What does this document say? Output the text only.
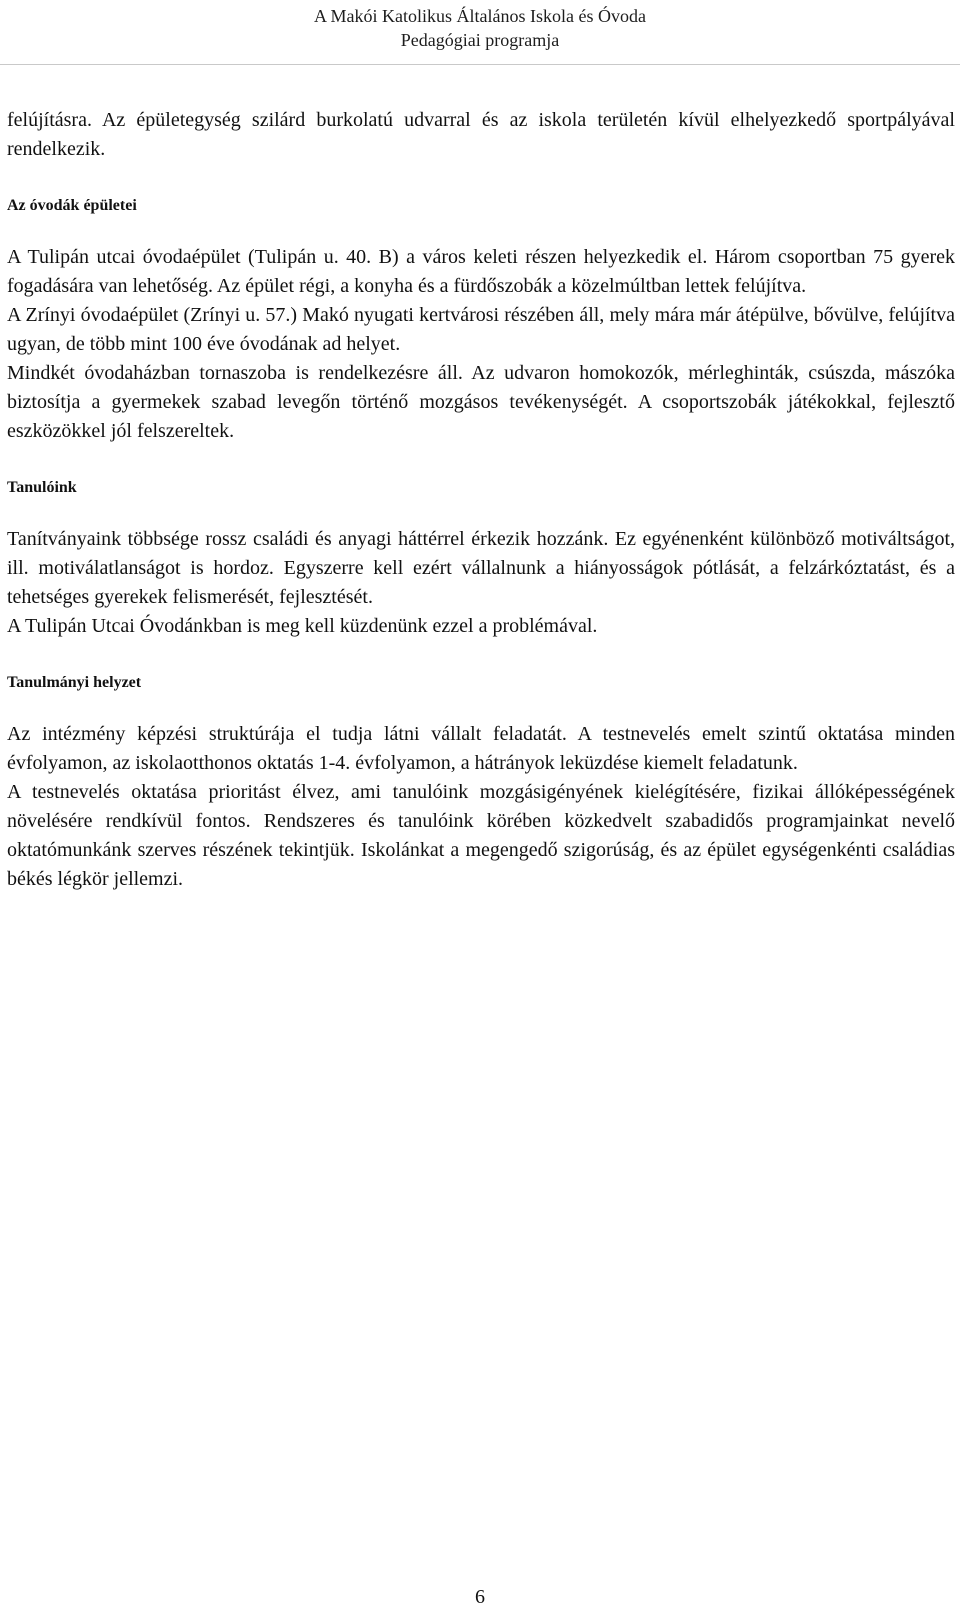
A Makói Katolikus Általános Iskola és Óvoda
Pedagógiai programja

felújításra. Az épületegység szilárd burkolatú udvarral és az iskola területén kívül elhelyezkedő sportpályával rendelkezik.

Az óvodák épületei

A Tulipán utcai óvodaépület (Tulipán u. 40. B) a város keleti részen helyezkedik el. Három csoportban 75 gyerek fogadására van lehetőség. Az épület régi, a konyha és a fürdőszobák a közelmúltban lettek felújítva.

A Zrínyi óvodaépület (Zrínyi u. 57.) Makó nyugati kertvárosi részében áll, mely mára már átépülve, bővülve, felújítva ugyan, de több mint 100 éve óvodának ad helyet.

Mindkét óvodaházban tornaszoba is rendelkezésre áll. Az udvaron homokozók, mérleghinták, csúszda, mászóka biztosítja a gyermekek szabad levegőn történő mozgásos tevékenységét. A csoportszobák játékokkal, fejlesztő eszközökkel jól felszereltek.

Tanulóink

Tanítványaink többsége rossz családi és anyagi háttérrel érkezik hozzánk. Ez egyénenként különböző motiváltságot, ill. motiválatlanságot is hordoz. Egyszerre kell ezért vállalnunk a hiányosságok pótlását, a felzárkóztatást, és a tehetséges gyerekek felismerését, fejlesztését.

A Tulipán Utcai Óvodánkban is meg kell küzdenünk ezzel a problémával.

Tanulmányi helyzet

Az intézmény képzési struktúrája el tudja látni vállalt feladatát. A testnevelés emelt szintű oktatása minden évfolyamon, az iskolaotthonos oktatás 1-4. évfolyamon, a hátrányok leküzdése kiemelt feladatunk.

A testnevelés oktatása prioritást élvez, ami tanulóink mozgásigényének kielégítésére, fizikai állóképességének növelésére rendkívül fontos. Rendszeres és tanulóink körében közkedvelt szabadidős programjainkat nevelő oktatómunkánk szerves részének tekintjük. Iskolánkat a megengedő szigorúság, és az épület egységenkénti családias békés légkör jellemzi.

6
